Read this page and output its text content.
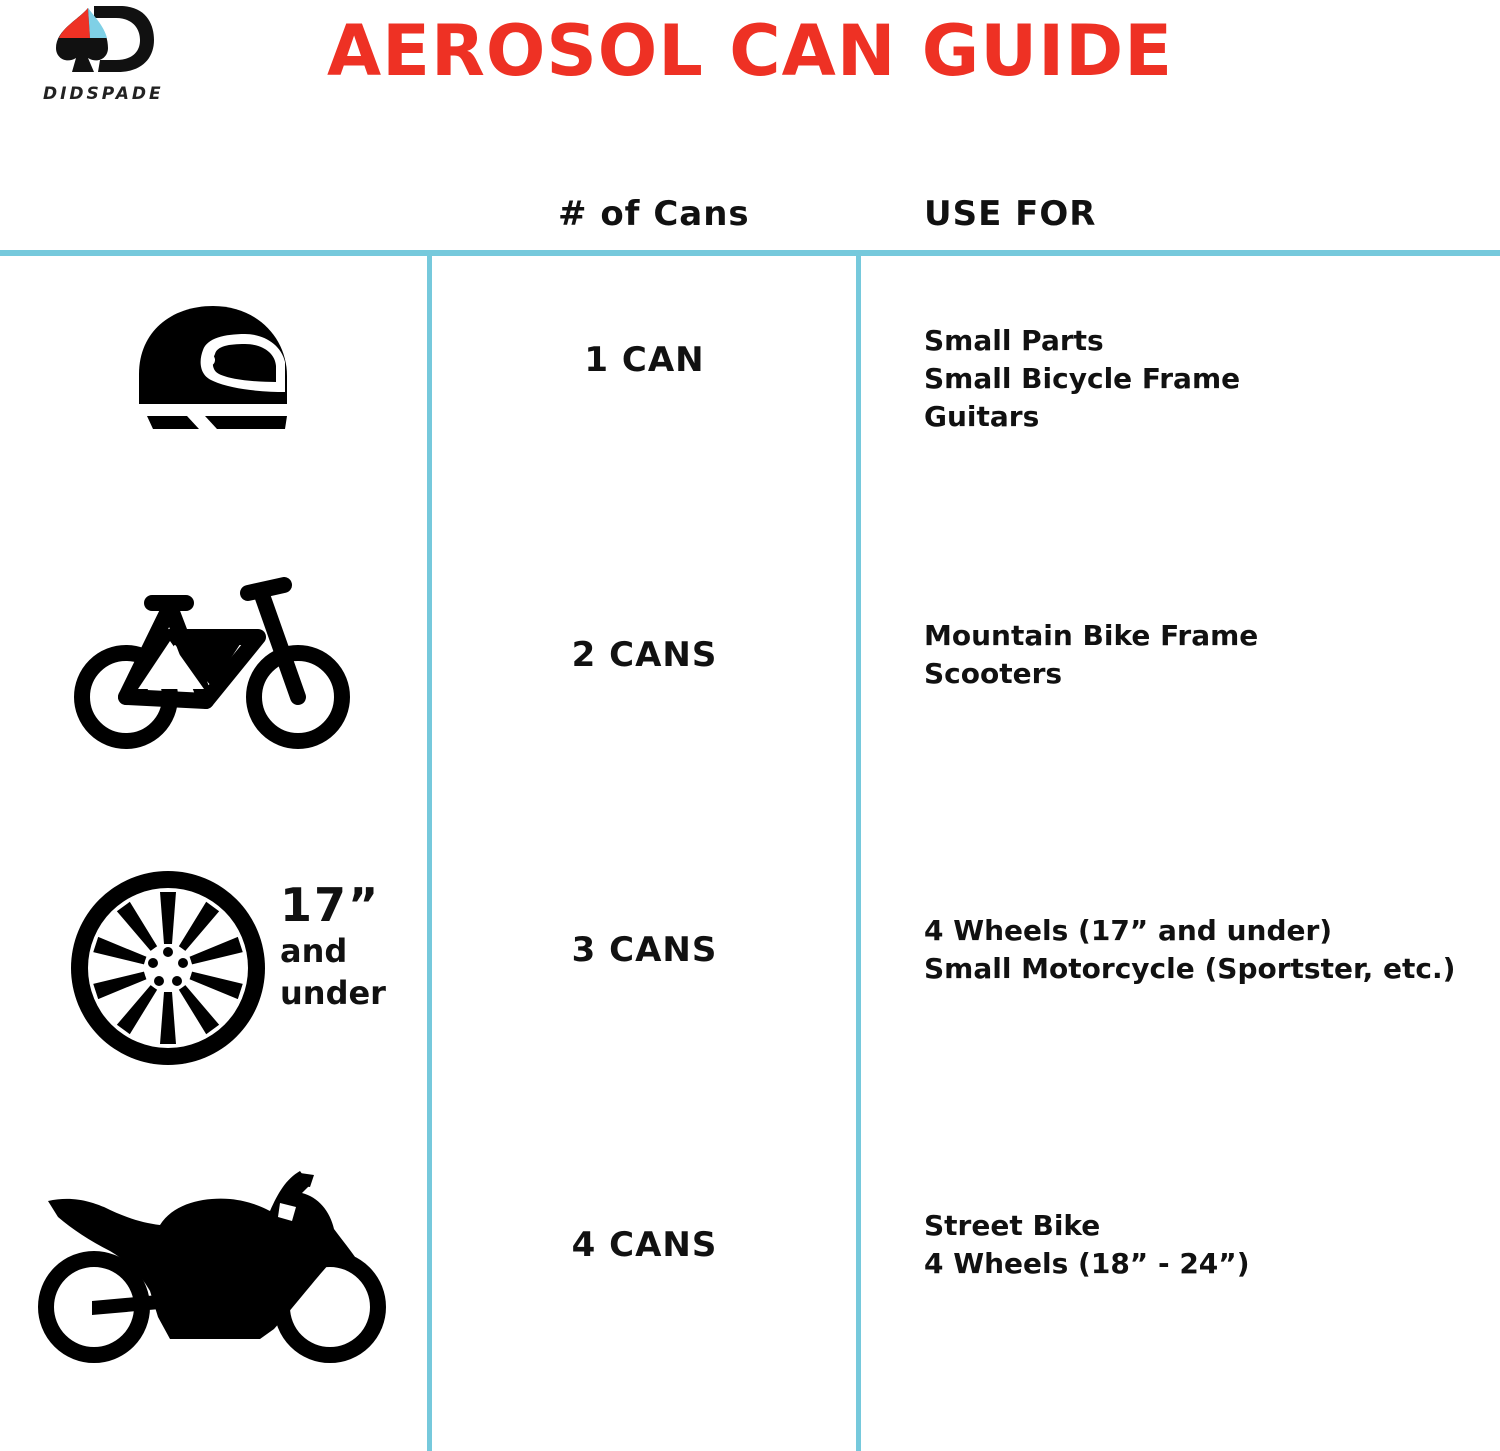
DIDSPADE
AEROSOL CAN GUIDE
# of Cans	USE FOR
1 CAN	Small Parts
Small Bicycle Frame
Guitars
2 CANS	Mountain Bike Frame
Scooters
17”
and
under
3 CANS	4 Wheels (17” and under)
Small Motorcycle (Sportster, etc.)
4 CANS	Street Bike
4 Wheels (18” - 24”)
